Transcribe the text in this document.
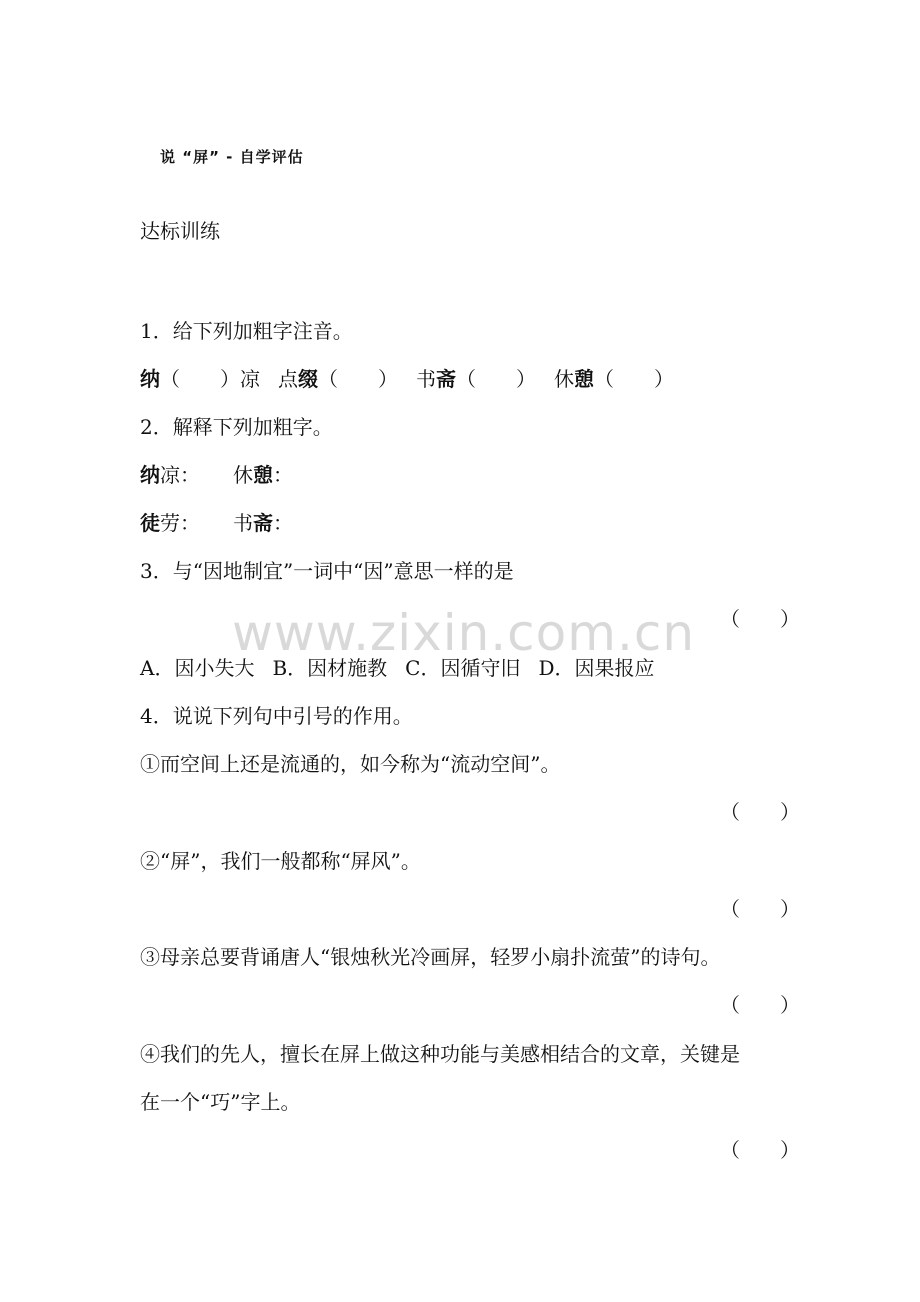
说 “屏” - 自学评估
达标训练
1．给下列加粗字注音。
纳（　　）凉 点缀（　　） 书斋（　　） 休憩（　　）
2．解释下列加粗字。
纳凉： 休憩：
徒劳： 书斋：
3．与“因地制宜”一词中“因”意思一样的是
www.zixin.com.cn （　　）
A．因小失大 B．因材施教 C．因循守旧 D．因果报应
4．说说下列句中引号的作用。
①而空间上还是流通的，如今称为“流动空间”。
（　　）
②“屏”，我们一般都称“屏风”。
（　　）
③母亲总要背诵唐人“银烛秋光冷画屏，轻罗小扇扑流萤”的诗句。
（　　）
④我们的先人，擅长在屏上做这种功能与美感相结合的文章，关键是
在一个“巧”字上。
（　　）
